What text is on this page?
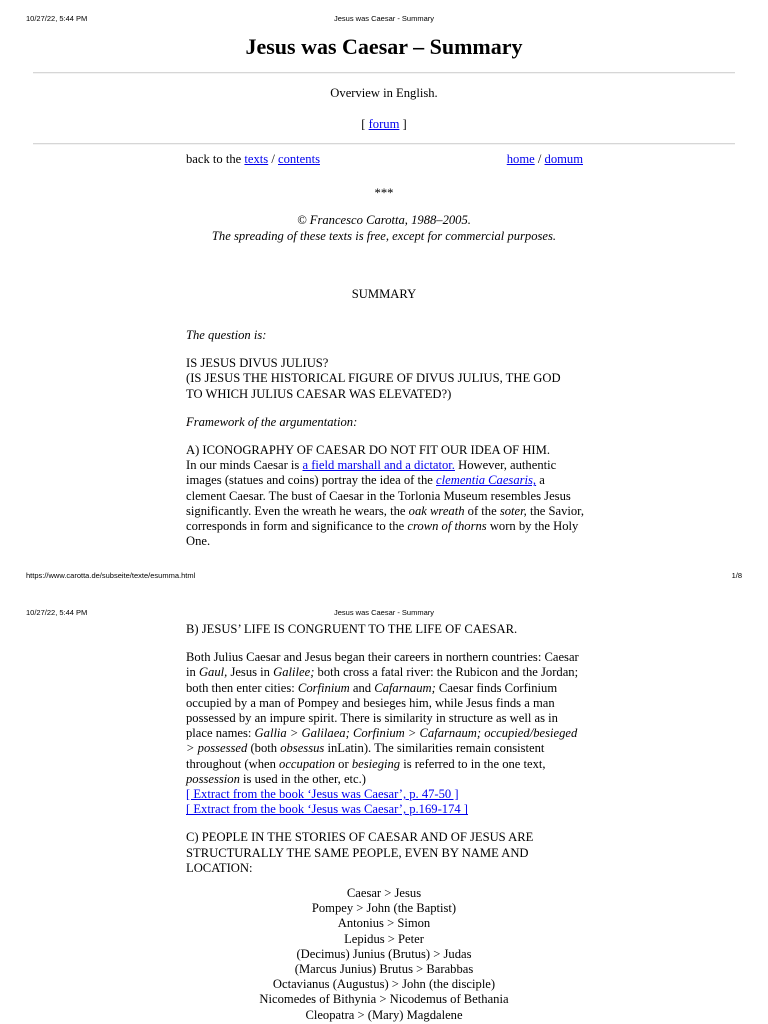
10/27/22, 5:44 PM	Jesus was Caesar - Summary
Jesus was Caesar – Summary
Overview in English.
[ forum ]
back to the texts / contents	home / domum
***
© Francesco Carotta, 1988–2005.
The spreading of these texts is free, except for commercial purposes.
SUMMARY

The question is:

IS JESUS DIVUS JULIUS?

(IS JESUS THE HISTORICAL FIGURE OF DIVUS JULIUS, THE GOD

TO WHICH JULIUS CAESAR WAS ELEVATED?)

Framework of the argumentation:

A) ICONOGRAPHY OF CAESAR DO NOT FIT OUR IDEA OF HIM.

In our minds Caesar is a field marshall and a dictator. However, authentic images (statues and coins) portray the idea of the clementia Caesaris, a clement Caesar. The bust of Caesar in the Torlonia Museum resembles Jesus significantly. Even the wreath he wears, the oak wreath of the soter, the Savior, corresponds in form and significance to the crown of thorns worn by the Holy One.

https://www.carotta.de/subseite/texte/esumma.html	1/8
10/27/22, 5:44 PM	Jesus was Caesar - Summary

B) JESUS’ LIFE IS CONGRUENT TO THE LIFE OF CAESAR.

Both Julius Caesar and Jesus began their careers in northern countries: Caesar in Gaul, Jesus in Galilee; both cross a fatal river: the Rubicon and the Jordan; both then enter cities: Corfinium and Cafarnaum; Caesar finds Corfinium occupied by a man of Pompey and besieges him, while Jesus finds a man possessed by an impure spirit. There is similarity in structure as well as in place names: Gallia > Galilaea; Corfinium > Cafarnaum; occupied/besieged > possessed (both obsessus inLatin). The similarities remain consistent throughout (when occupation or besieging is referred to in the one text, possession is used in the other, etc.)

[ Extract from the book ‘Jesus was Caesar’, p. 47-50 ]

[ Extract from the book ‘Jesus was Caesar’, p.169-174 ]

C) PEOPLE IN THE STORIES OF CAESAR AND OF JESUS ARE

STRUCTURALLY THE SAME PEOPLE, EVEN BY NAME AND

LOCATION:

Caesar > Jesus
Pompey > John (the Baptist)
Antonius > Simon
Lepidus > Peter
(Decimus) Junius (Brutus) > Judas
(Marcus Junius) Brutus > Barabbas
Octavianus (Augustus) > John (the disciple)
Nicomedes of Bithynia > Nicodemus of Bethania
Cleopatra > (Mary) Magdalene
